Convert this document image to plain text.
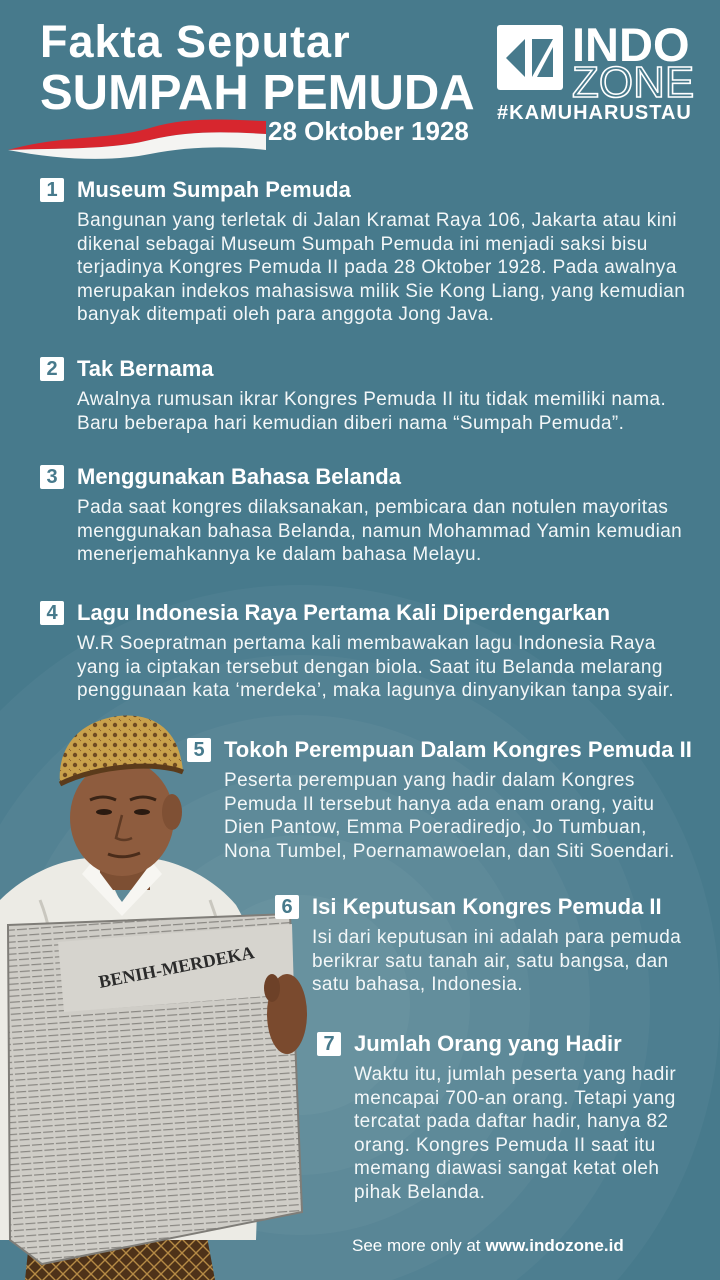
BENIH-MERDEKA
Fakta Seputar
SUMPAH PEMUDA
28 Oktober 1928
INDO
ZONE
#KAMUHARUSTAU
1 Museum Sumpah Pemuda
Bangunan yang terletak di Jalan Kramat Raya 106, Jakarta atau kini
dikenal sebagai Museum Sumpah Pemuda ini menjadi saksi bisu
terjadinya Kongres Pemuda II pada 28 Oktober 1928. Pada awalnya
merupakan indekos mahasiswa milik Sie Kong Liang, yang kemudian
banyak ditempati oleh para anggota Jong Java.
2 Tak Bernama
Awalnya rumusan ikrar Kongres Pemuda II itu tidak memiliki nama.
Baru beberapa hari kemudian diberi nama “Sumpah Pemuda”.
3 Menggunakan Bahasa Belanda
Pada saat kongres dilaksanakan, pembicara dan notulen mayoritas
menggunakan bahasa Belanda, namun Mohammad Yamin kemudian
menerjemahkannya ke dalam bahasa Melayu.
4 Lagu Indonesia Raya Pertama Kali Diperdengarkan
W.R Soepratman pertama kali membawakan lagu Indonesia Raya
yang ia ciptakan tersebut dengan biola. Saat itu Belanda melarang
penggunaan kata ‘merdeka’, maka lagunya dinyanyikan tanpa syair.
5 Tokoh Perempuan Dalam Kongres Pemuda II
Peserta perempuan yang hadir dalam Kongres
Pemuda II tersebut hanya ada enam orang, yaitu
Dien Pantow, Emma Poeradiredjo, Jo Tumbuan,
Nona Tumbel, Poernamawoelan, dan Siti Soendari.
6 Isi Keputusan Kongres Pemuda II
Isi dari keputusan ini adalah para pemuda
berikrar satu tanah air, satu bangsa, dan
satu bahasa, Indonesia.
7 Jumlah Orang yang Hadir
Waktu itu, jumlah peserta yang hadir
mencapai 700-an orang. Tetapi yang
tercatat pada daftar hadir, hanya 82
orang. Kongres Pemuda II saat itu
memang diawasi sangat ketat oleh
pihak Belanda.
See more only at www.indozone.id
